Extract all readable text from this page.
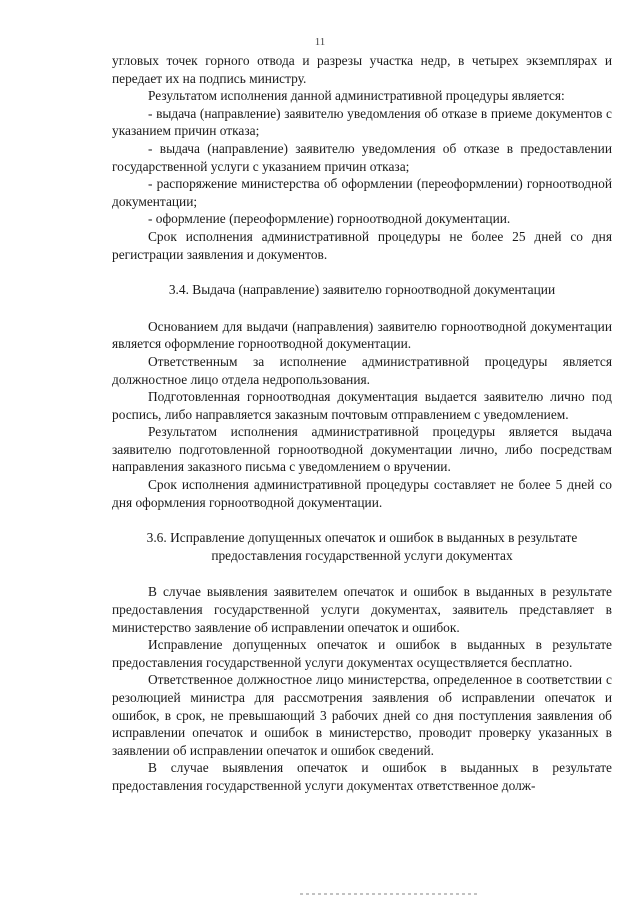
11

угловых точек горного отвода и разрезы участка недр, в четырех экземплярах и передает их на подпись министру.

Результатом исполнения данной административной процедуры является:

- выдача (направление) заявителю уведомления об отказе в приеме документов с указанием причин отказа;

- выдача (направление) заявителю уведомления об отказе в предоставлении государственной услуги с указанием причин отказа;

- распоряжение министерства об оформлении (переоформлении) горноотводной документации;

- оформление (переоформление) горноотводной документации.

Срок исполнения административной процедуры не более 25 дней со дня регистрации заявления и документов.

3.4. Выдача (направление) заявителю горноотводной документации

Основанием для выдачи (направления) заявителю горноотводной документации является оформление горноотводной документации.

Ответственным за исполнение административной процедуры является должностное лицо отдела недропользования.

Подготовленная горноотводная документация выдается заявителю лично под роспись, либо направляется заказным почтовым отправлением с уведомлением.

Результатом исполнения административной процедуры является выдача заявителю подготовленной горноотводной документации лично, либо посредствам направления заказного письма с уведомлением о вручении.

Срок исполнения административной процедуры составляет не более 5 дней со дня оформления горноотводной документации.

3.6. Исправление допущенных опечаток и ошибок в выданных в результате
предоставления государственной услуги документах

В случае выявления заявителем опечаток и ошибок в выданных в результате предоставления государственной услуги документах, заявитель представляет в министерство заявление об исправлении опечаток и ошибок.

Исправление допущенных опечаток и ошибок в выданных в результате предоставления государственной услуги документах осуществляется бесплатно.

Ответственное должностное лицо министерства, определенное в соответствии с резолюцией министра для рассмотрения заявления об исправлении опечаток и ошибок, в срок, не превышающий 3 рабочих дней со дня поступления заявления об исправлении опечаток и ошибок в министерство, проводит проверку указанных в заявлении об исправлении опечаток и ошибок сведений.

В случае выявления опечаток и ошибок в выданных в результате предоставления государственной услуги документах ответственное долж-
